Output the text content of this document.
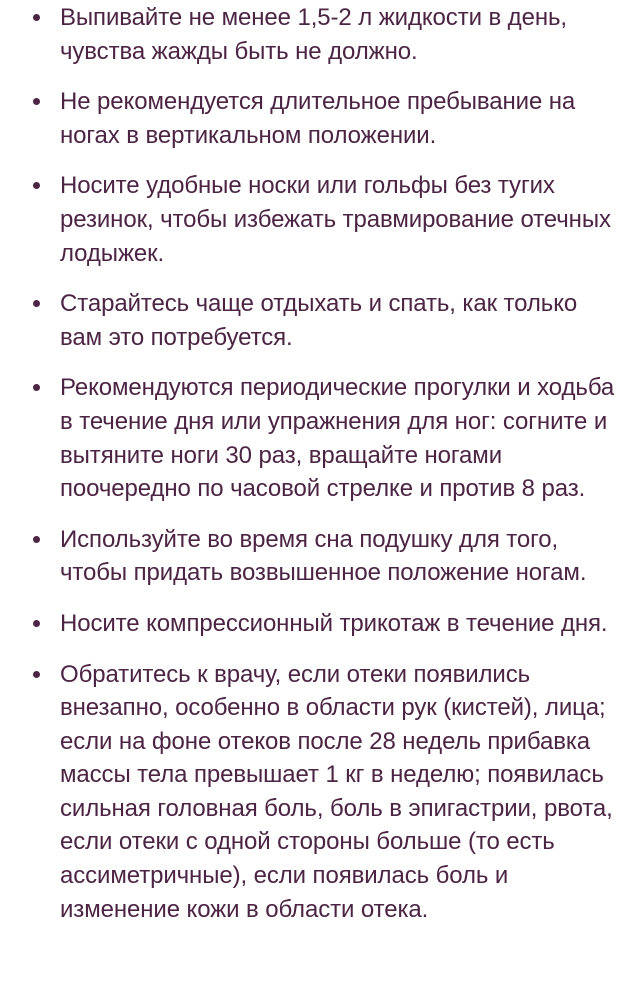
Выпивайте не менее 1,5-2 л жидкости в день, чувства жажды быть не должно.
Не рекомендуется длительное пребывание на ногах в вертикальном положении.
Носите удобные носки или гольфы без тугих резинок, чтобы избежать травмирование отечных лодыжек.
Старайтесь чаще отдыхать и спать, как только вам это потребуется.
Рекомендуются периодические прогулки и ходьба в течение дня или упражнения для ног: согните и вытяните ноги 30 раз, вращайте ногами поочередно по часовой стрелке и против 8 раз.
Используйте во время сна подушку для того, чтобы придать возвышенное положение ногам.
Носите компрессионный трикотаж в течение дня.
Обратитесь к врачу, если отеки появились внезапно, особенно в области рук (кистей), лица; если на фоне отеков после 28 недель прибавка массы тела превышает 1 кг в неделю; появилась сильная головная боль, боль в эпигастрии, рвота, если отеки с одной стороны больше (то есть ассиметричные), если появилась боль и изменение кожи в области отека.
